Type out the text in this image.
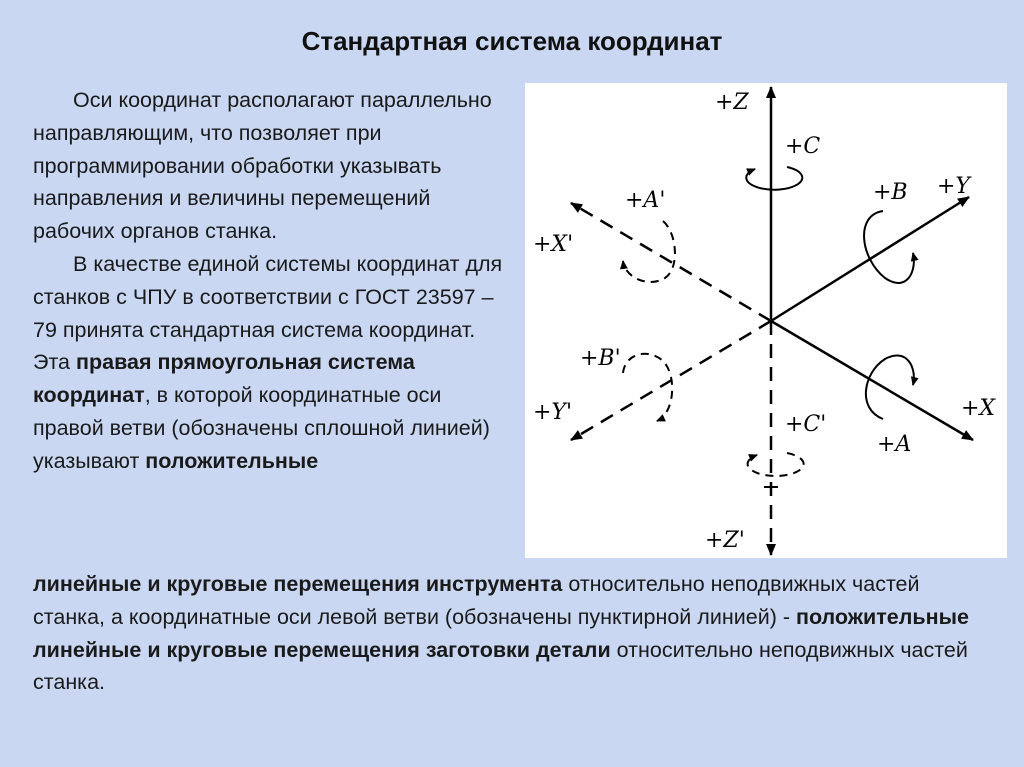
Стандартная система координат

Оси координат располагают параллельно направляющим, что позволяет при программировании обработки указывать направления и величины перемещений рабочих органов станка.

В качестве единой системы координат для станков с ЧПУ в соответствии с ГОСТ 23597 – 79 принята стандартная система координат. Эта правая прямоугольная система координат, в которой координатные оси правой ветви (обозначены сплошной линией) указывают положительные

+Z
+C
+B +Y
+A'
+X'
+B'
+Y'	+C'
+X
+A
+Z'

линейные и круговые перемещения инструмента относительно неподвижных частей станка, а координатные оси левой ветви (обозначены пунктирной линией) - положительные линейные и круговые перемещения заготовки детали относительно неподвижных частей станка.
